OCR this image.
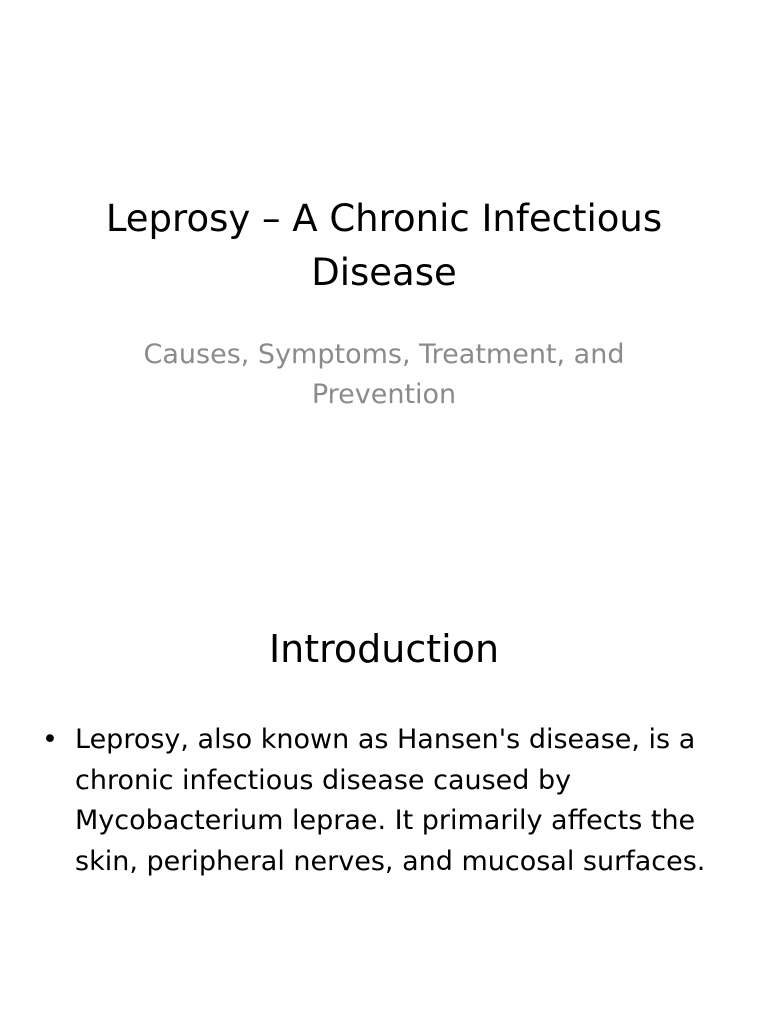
Leprosy – A Chronic Infectious Disease

Causes, Symptoms, Treatment, and Prevention

Introduction
• Leprosy, also known as Hansen's disease, is a chronic infectious disease caused by Mycobacterium leprae. It primarily affects the skin, peripheral nerves, and mucosal surfaces.
